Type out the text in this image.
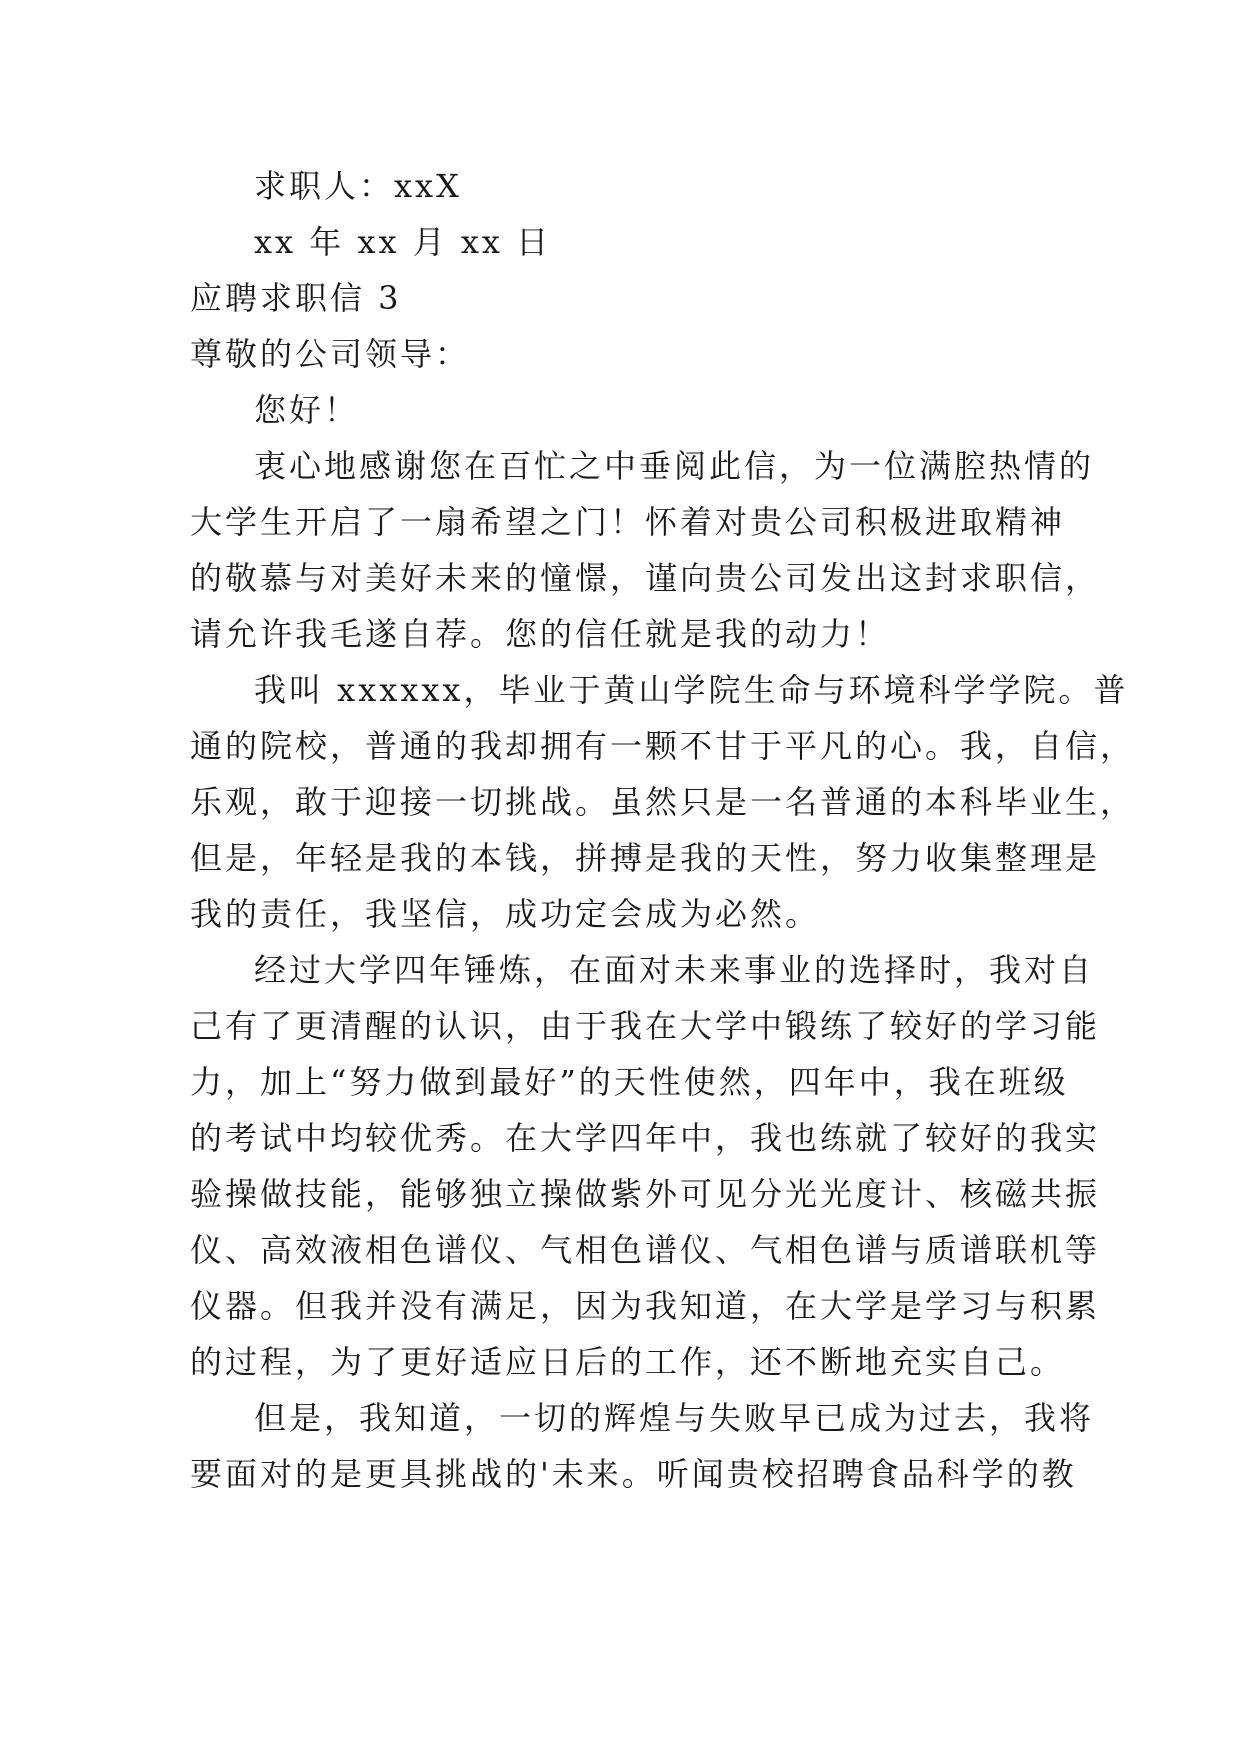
求职人：xxX
xx 年 xx 月 xx 日
应聘求职信 3
尊敬的公司领导：
您好！
衷心地感谢您在百忙之中垂阅此信，为一位满腔热情的
大学生开启了一扇希望之门！怀着对贵公司积极进取精神
的敬慕与对美好未来的憧憬，谨向贵公司发出这封求职信，
请允许我毛遂自荐。您的信任就是我的动力！
我叫 xxxxxx，毕业于黄山学院生命与环境科学学院。普
通的院校，普通的我却拥有一颗不甘于平凡的心。我，自信，
乐观，敢于迎接一切挑战。虽然只是一名普通的本科毕业生，
但是，年轻是我的本钱，拼搏是我的天性，努力收集整理是
我的责任，我坚信，成功定会成为必然。
经过大学四年锤炼，在面对未来事业的选择时，我对自
己有了更清醒的认识，由于我在大学中锻练了较好的学习能
力，加上“努力做到最好”的天性使然，四年中，我在班级
的考试中均较优秀。在大学四年中，我也练就了较好的我实
验操做技能，能够独立操做紫外可见分光光度计、核磁共振
仪、高效液相色谱仪、气相色谱仪、气相色谱与质谱联机等
仪器。但我并没有满足，因为我知道，在大学是学习与积累
的过程，为了更好适应日后的工作，还不断地充实自己。
但是，我知道，一切的辉煌与失败早已成为过去，我将
要面对的是更具挑战的'未来。听闻贵校招聘食品科学的教
